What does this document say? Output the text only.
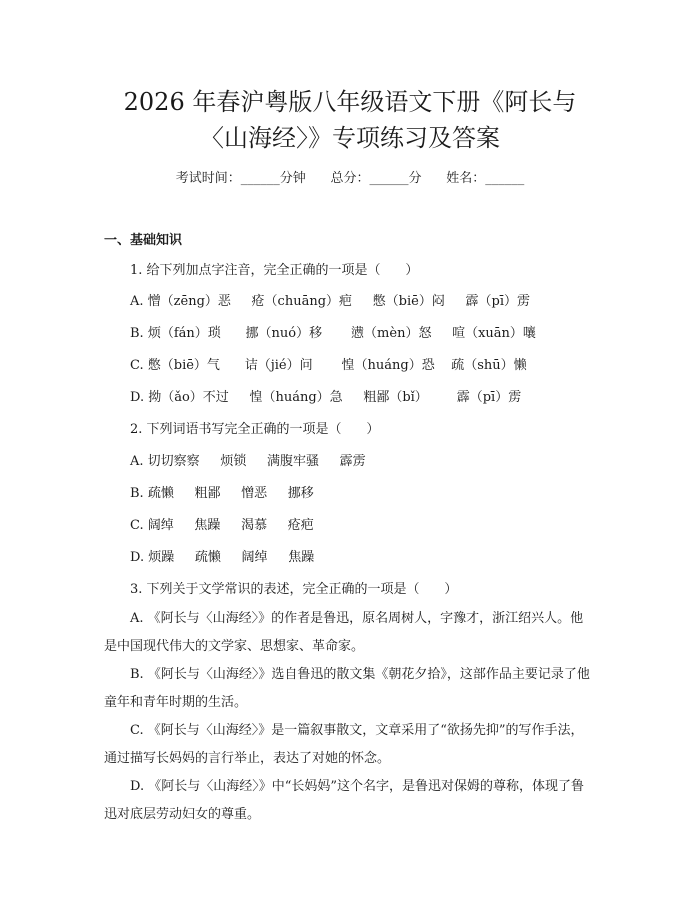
2026 年春沪粤版八年级语文下册《阿长与
〈山海经〉》专项练习及答案
考试时间：______分钟      总分：______分      姓名：______
一、基础知识
1. 给下列加点字注音，完全正确的一项是（      ）
A. 憎（zēng）恶     疮（chuāng）疤     憋（biē）闷     霹（pī）雳
B. 烦（fán）琐      挪（nuó）移       懑（mèn）怒     喧（xuān）嚷
C. 憋（biē）气      诘（jié）问       惶（huáng）恐    疏（shū）懒
D. 拗（ǎo）不过     惶（huáng）急     粗鄙（bǐ）       霹（pī）雳
2. 下列词语书写完全正确的一项是（      ）
A. 切切察察     烦锁     满腹牢骚     霹雳
B. 疏懒     粗鄙     憎恶     挪移
C. 阔绰     焦躁     渴慕     疮疤
D. 烦躁     疏懒     阔绰     焦躁
3. 下列关于文学常识的表述，完全正确的一项是（      ）

A. 《阿长与〈山海经〉》的作者是鲁迅，原名周树人，字豫才，浙江绍兴人。他是中国现代伟大的文学家、思想家、革命家。

B. 《阿长与〈山海经〉》选自鲁迅的散文集《朝花夕拾》，这部作品主要记录了他童年和青年时期的生活。

C. 《阿长与〈山海经〉》是一篇叙事散文，文章采用了“欲扬先抑”的写作手法，通过描写长妈妈的言行举止，表达了对她的怀念。

D. 《阿长与〈山海经〉》中“长妈妈”这个名字，是鲁迅对保姆的尊称，体现了鲁迅对底层劳动妇女的尊重。
